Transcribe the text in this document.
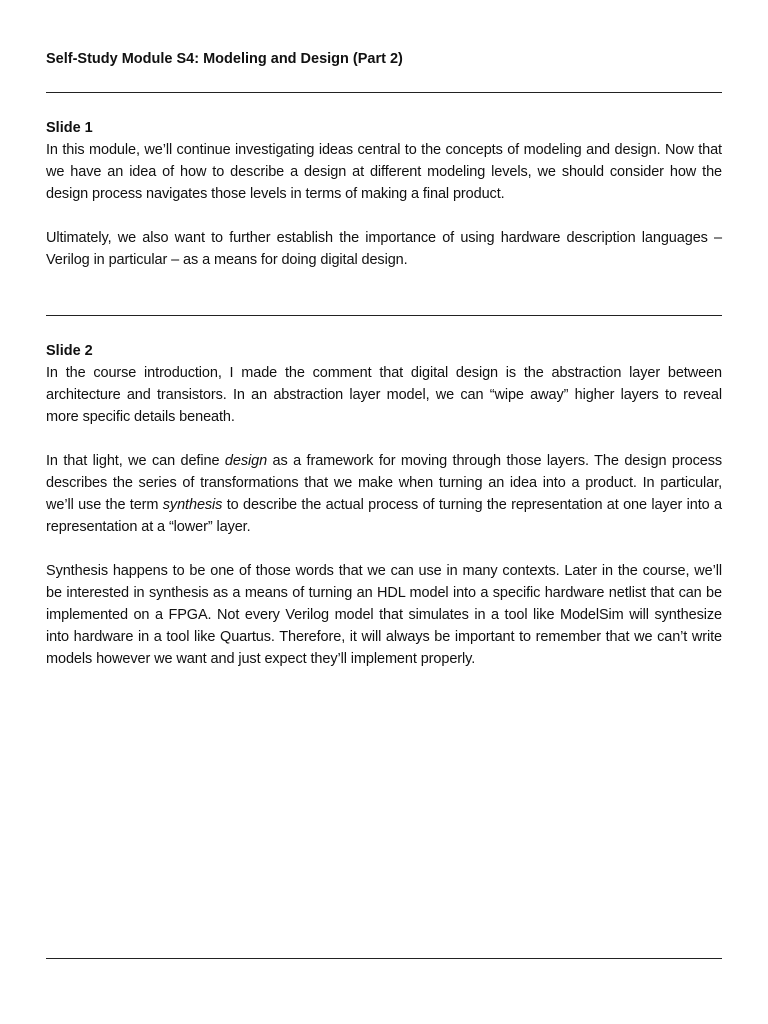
Self-Study Module S4: Modeling and Design (Part 2)

Slide 1

In this module, we’ll continue investigating ideas central to the concepts of modeling and design. Now that we have an idea of how to describe a design at different modeling levels, we should consider how the design process navigates those levels in terms of making a final product.

Ultimately, we also want to further establish the importance of using hardware description languages – Verilog in particular – as a means for doing digital design.

Slide 2

In the course introduction, I made the comment that digital design is the abstraction layer between architecture and transistors. In an abstraction layer model, we can “wipe away” higher layers to reveal more specific details beneath.

In that light, we can define design as a framework for moving through those layers. The design process describes the series of transformations that we make when turning an idea into a product. In particular, we’ll use the term synthesis to describe the actual process of turning the representation at one layer into a representation at a “lower” layer.

Synthesis happens to be one of those words that we can use in many contexts. Later in the course, we’ll be interested in synthesis as a means of turning an HDL model into a specific hardware netlist that can be implemented on a FPGA. Not every Verilog model that simulates in a tool like ModelSim will synthesize into hardware in a tool like Quartus. Therefore, it will always be important to remember that we can’t write models however we want and just expect they’ll implement properly.
